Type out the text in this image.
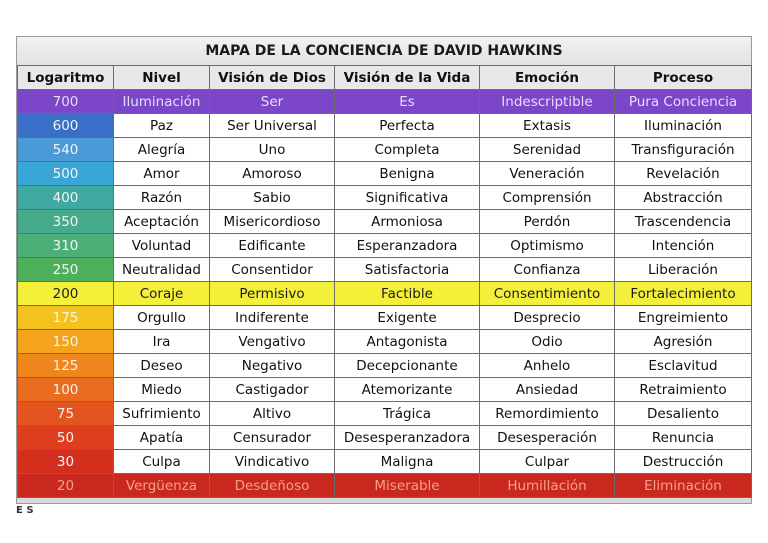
MAPA DE LA CONCIENCIA DE DAVID HAWKINS
Logaritmo	Nivel	Visión de Dios	Visión de la Vida	Emoción	Proceso
700	Iluminación	Ser	Es	Indescriptible	Pura Conciencia
600	Paz	Ser Universal	Perfecta	Extasis	Iluminación
540	Alegría	Uno	Completa	Serenidad	Transfiguración
500	Amor	Amoroso	Benigna	Veneración	Revelación
400	Razón	Sabio	Significativa	Comprensión	Abstracción
350	Aceptación	Misericordioso	Armoniosa	Perdón	Trascendencia
310	Voluntad	Edificante	Esperanzadora	Optimismo	Intención
250	Neutralidad	Consentidor	Satisfactoria	Confianza	Liberación
200	Coraje	Permisivo	Factible	Consentimiento	Fortalecimiento
175	Orgullo	Indiferente	Exigente	Desprecio	Engreimiento
150	Ira	Vengativo	Antagonista	Odio	Agresión
125	Deseo	Negativo	Decepcionante	Anhelo	Esclavitud
100	Miedo	Castigador	Atemorizante	Ansiedad	Retraimiento
75	Sufrimiento	Altivo	Trágica	Remordimiento	Desaliento
50	Apatía	Censurador	Desesperanzadora	Desesperación	Renuncia
30	Culpa	Vindicativo	Maligna	Culpar	Destrucción
20	Vergüenza	Desdeñoso	Miserable	Humillación	Eliminación
E S
